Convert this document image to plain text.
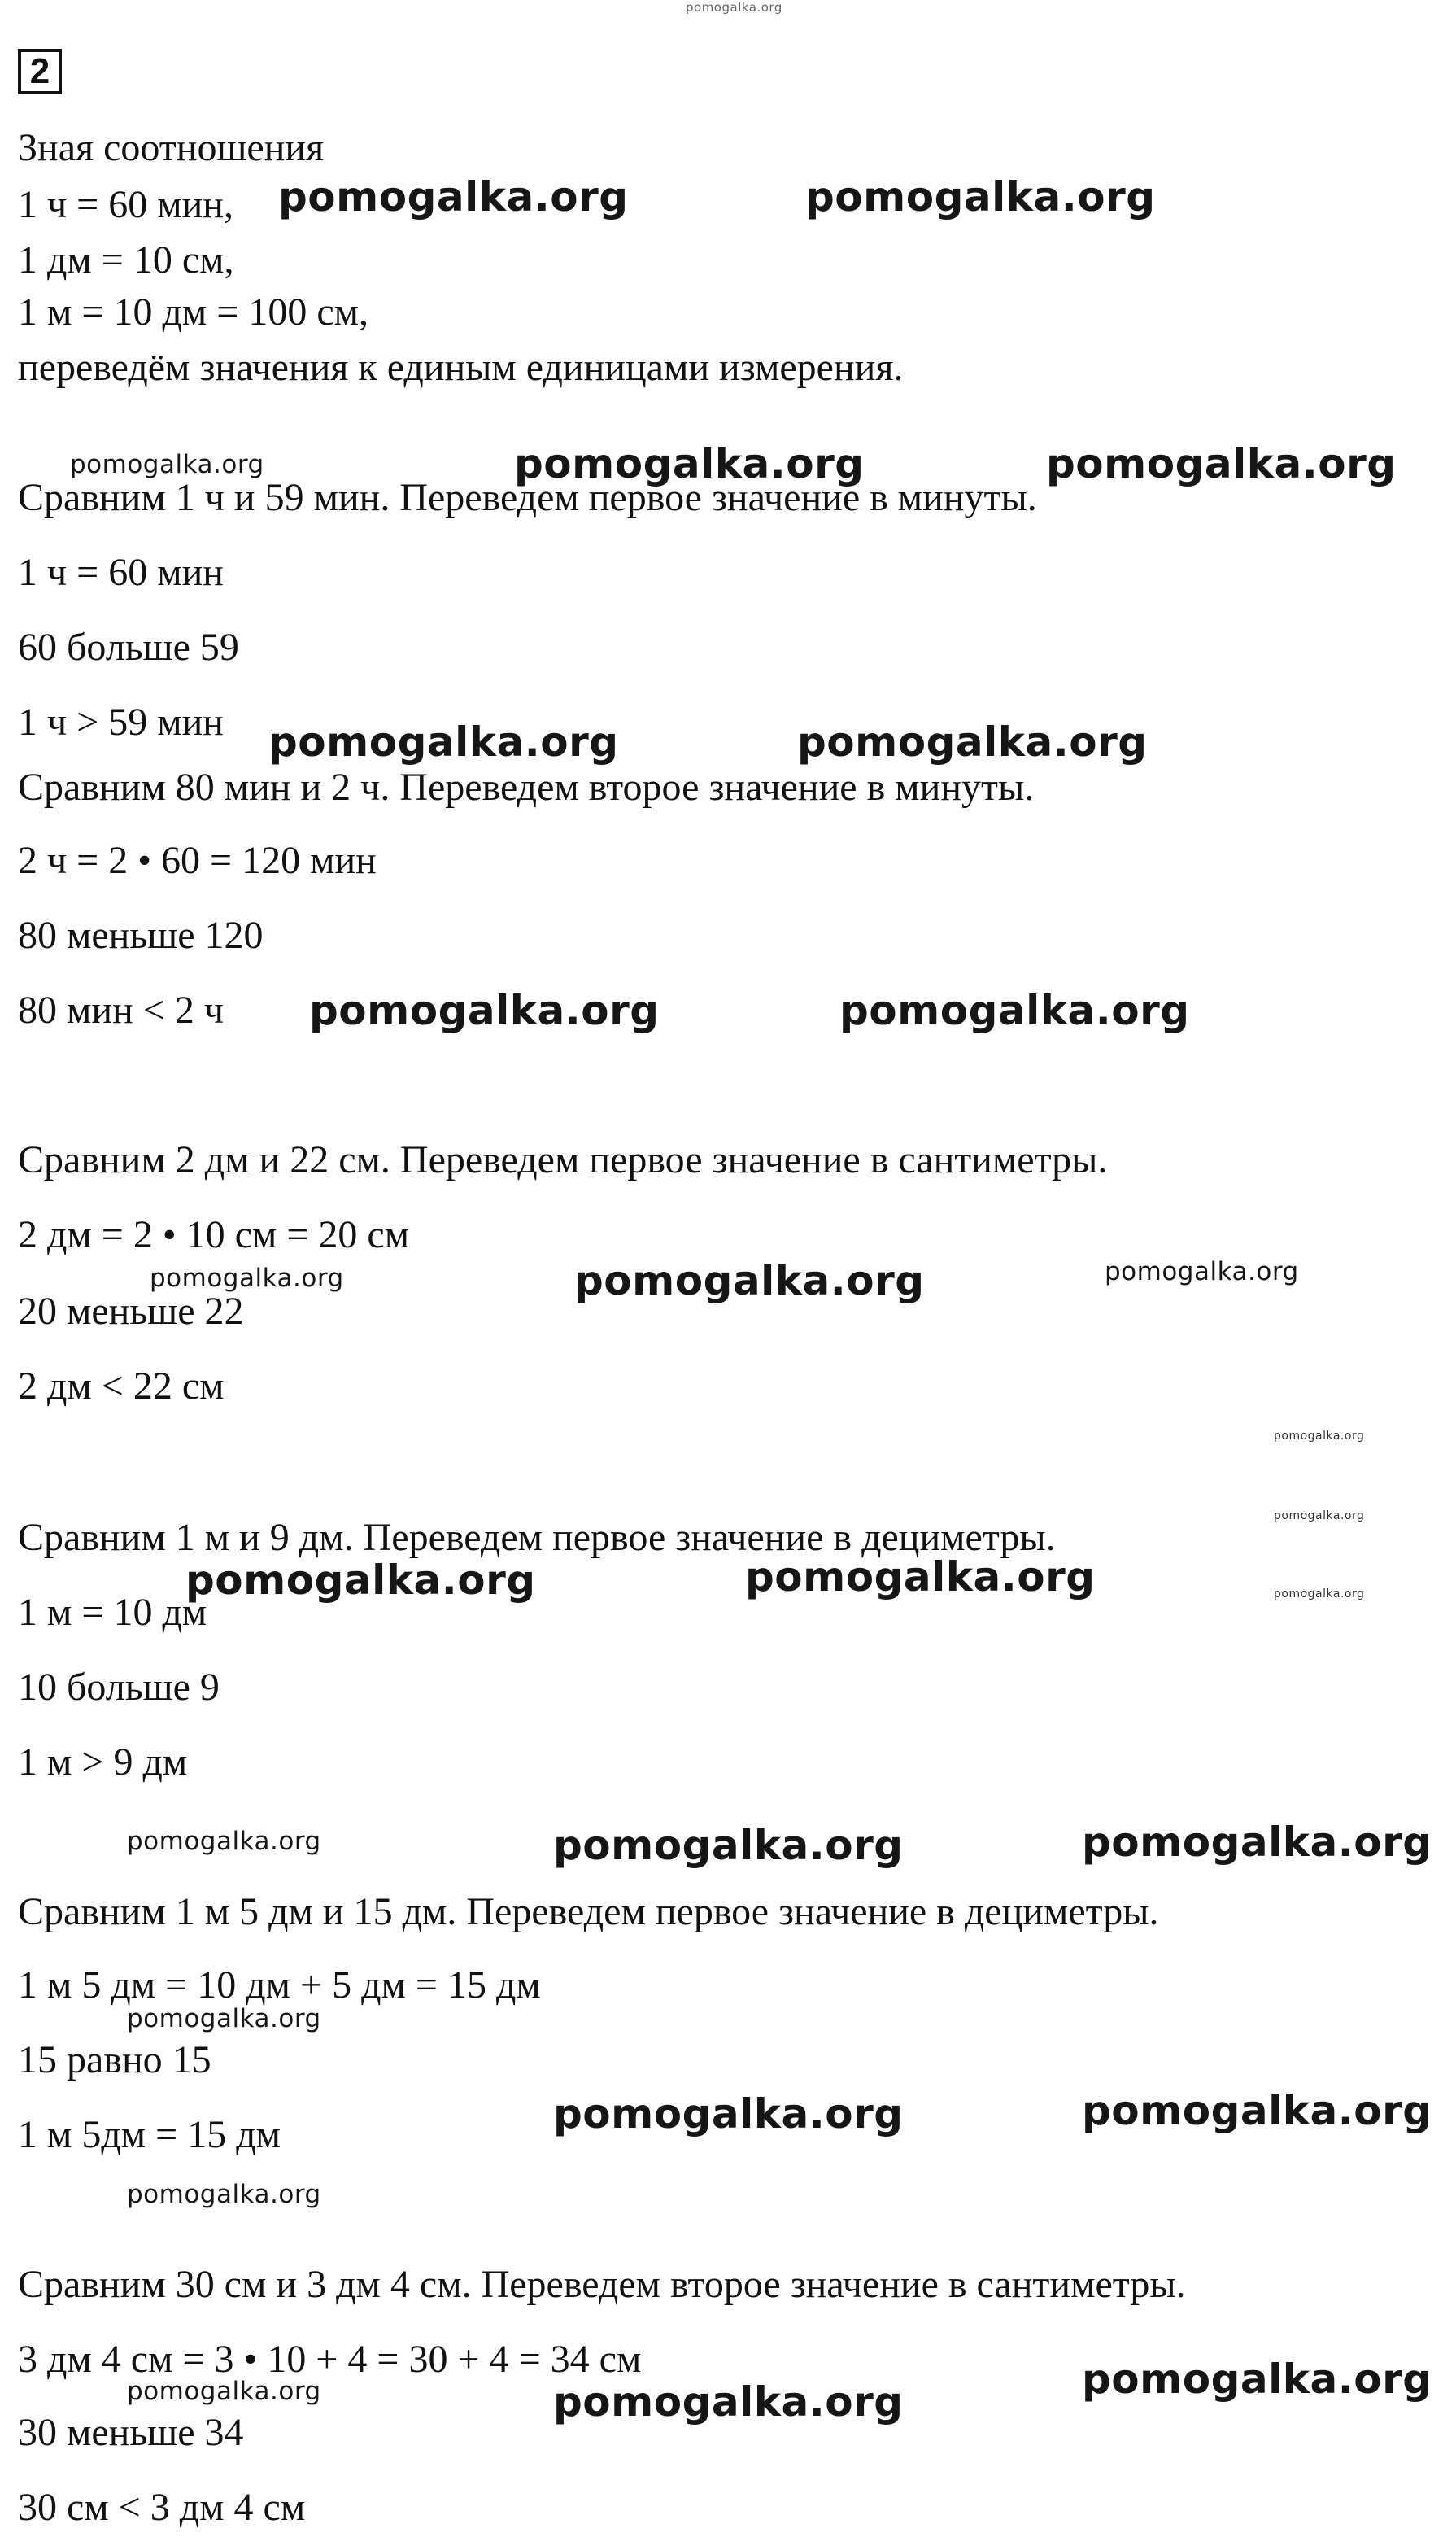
pomogalka.org
2
Зная соотношения
1 ч = 60 мин,
1 дм = 10 см,
1 м = 10 дм = 100 см,
переведём значения к единым единицами измерения.
Сравним 1 ч и 59 мин. Переведем первое значение в минуты.
1 ч = 60 мин
60 больше 59
1 ч > 59 мин
Сравним 80 мин и 2 ч. Переведем второе значение в минуты.
2 ч = 2 • 60 = 120 мин
80 меньше 120
80 мин < 2 ч
Сравним 2 дм и 22 см. Переведем первое значение в сантиметры.
2 дм = 2 • 10 см = 20 см
20 меньше 22
2 дм < 22 см
Сравним 1 м и 9 дм. Переведем первое значение в дециметры.
1 м = 10 дм
10 больше 9
1 м > 9 дм
Сравним 1 м 5 дм и 15 дм. Переведем первое значение в дециметры.
1 м 5 дм = 10 дм + 5 дм = 15 дм
15 равно 15
1 м 5дм = 15 дм
Сравним 30 см и 3 дм 4 см. Переведем второе значение в сантиметры.
3 дм 4 см = 3 • 10 + 4 = 30 + 4 = 34 см
30 меньше 34
30 см < 3 дм 4 см
pomogalka.org	pomogalka.org
pomogalka.org	pomogalka.org	pomogalka.org
pomogalka.org	pomogalka.org
pomogalka.org	pomogalka.org
pomogalka.org	pomogalka.org	pomogalka.org
pomogalka.org
pomogalka.org
pomogalka.org
pomogalka.org	pomogalka.org
pomogalka.org	pomogalka.org	pomogalka.org
pomogalka.org
pomogalka.org	pomogalka.org
pomogalka.org
pomogalka.org	pomogalka.org	pomogalka.org
